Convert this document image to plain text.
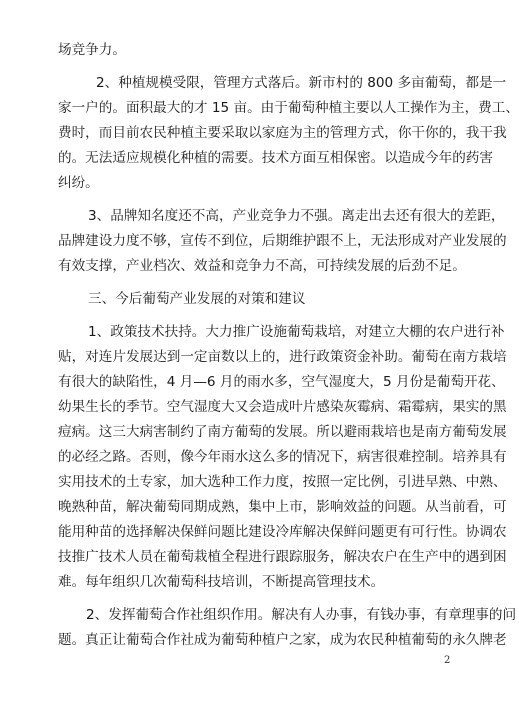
场竞争力。
2、种植规模受限，管理方式落后。新市村的 800 多亩葡萄，都是一
家一户的。面积最大的才 15 亩。由于葡萄种植主要以人工操作为主，费工、
费时，而目前农民种植主要采取以家庭为主的管理方式，你干你的，我干我
的。无法适应规模化种植的需要。技术方面互相保密。以造成今年的药害
纠纷。
3、品牌知名度还不高，产业竞争力不强。离走出去还有很大的差距，
品牌建设力度不够，宣传不到位，后期维护跟不上，无法形成对产业发展的
有效支撑，产业档次、效益和竞争力不高，可持续发展的后劲不足。
三、今后葡萄产业发展的对策和建议
1、政策技术扶持。大力推广设施葡萄栽培，对建立大棚的农户进行补
贴，对连片发展达到一定亩数以上的，进行政策资金补助。葡萄在南方栽培
有很大的缺陷性，4 月—6 月的雨水多，空气湿度大，5 月份是葡萄开花、
幼果生长的季节。空气湿度大又会造成叶片感染灰霉病、霜霉病，果实的黑
痘病。这三大病害制约了南方葡萄的发展。所以避雨栽培也是南方葡萄发展
的必经之路。否则，像今年雨水这么多的情况下，病害很难控制。培养具有
实用技术的土专家，加大选种工作力度，按照一定比例，引进早熟、中熟、
晚熟种苗，解决葡萄同期成熟，集中上市，影响效益的问题。从当前看，可
能用种苗的选择解决保鲜问题比建设冷库解决保鲜问题更有可行性。协调农
技推广技术人员在葡萄栽植全程进行跟踪服务，解决农户在生产中的遇到困
难。每年组织几次葡萄科技培训，不断提高管理技术。
2、发挥葡萄合作社组织作用。解决有人办事，有钱办事，有章理事的问
题。真正让葡萄合作社成为葡萄种植户之家，成为农民种植葡萄的永久牌老
2
